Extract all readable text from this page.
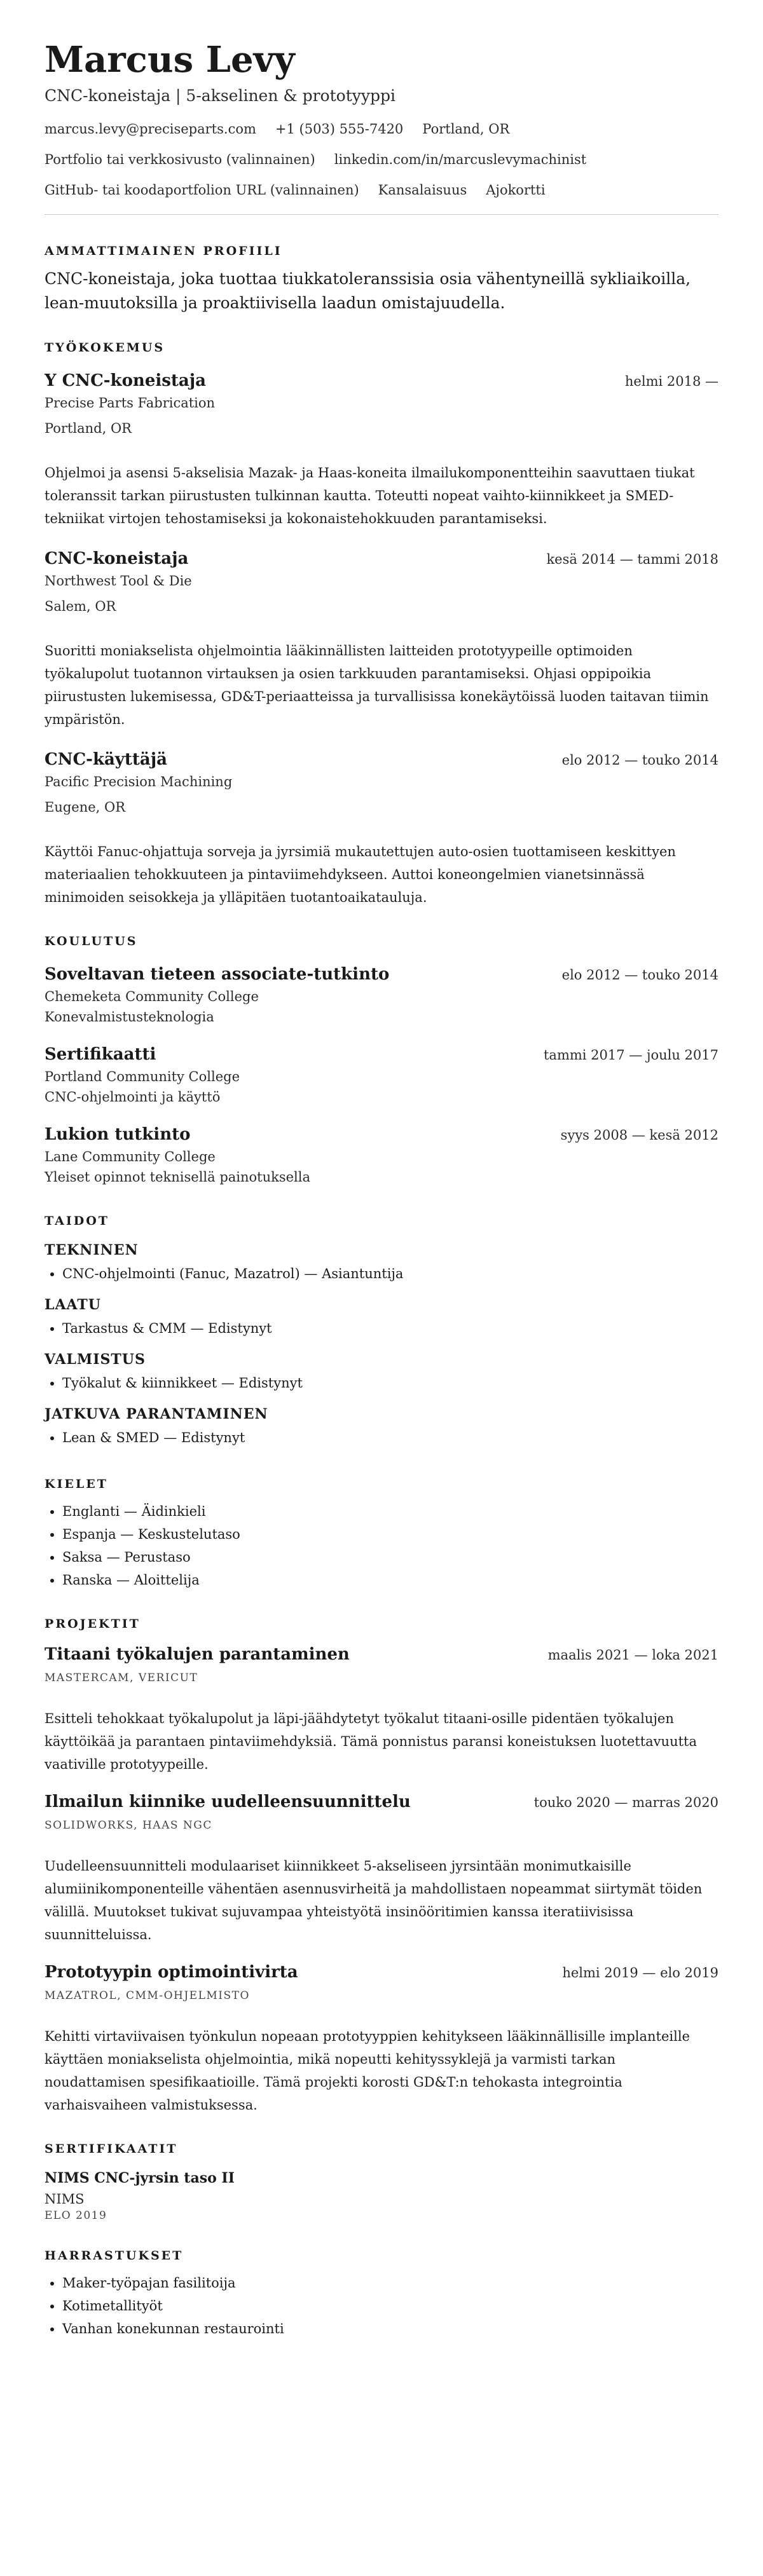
Marcus Levy
CNC-koneistaja | 5-akselinen & prototyyppi
marcus.levy@preciseparts.com +1 (503) 555-7420 Portland, OR
Portfolio tai verkkosivusto (valinnainen) linkedin.com/in/marcuslevymachinist
GitHub- tai koodaportfolion URL (valinnainen) Kansalaisuus Ajokortti
AMMATTIMAINEN PROFIILI

CNC-koneistaja, joka tuottaa tiukkatoleranssisia osia vähentyneillä sykliaikoilla, lean-muutoksilla ja proaktiivisella laadun omistajuudella.

TYÖKOKEMUS
Y CNC-koneistaja	helmi 2018 —
Precise Parts Fabrication
Portland, OR

Ohjelmoi ja asensi 5-akselisia Mazak- ja Haas-koneita ilmailukomponentteihin saavuttaen tiukat toleranssit tarkan piirustusten tulkinnan kautta. Toteutti nopeat vaihto-kiinnikkeet ja SMED-tekniikat virtojen tehostamiseksi ja kokonaistehokkuuden parantamiseksi.

CNC-koneistaja	kesä 2014 — tammi 2018
Northwest Tool & Die
Salem, OR

Suoritti moniakselista ohjelmointia lääkinnällisten laitteiden prototyypeille optimoiden työkalupolut tuotannon virtauksen ja osien tarkkuuden parantamiseksi. Ohjasi oppipoikia piirustusten lukemisessa, GD&T-periaatteissa ja turvallisissa konekäytöissä luoden taitavan tiimin ympäristön.

CNC-käyttäjä	elo 2012 — touko 2014
Pacific Precision Machining
Eugene, OR

Käyttöi Fanuc-ohjattuja sorveja ja jyrsimiä mukautettujen auto-osien tuottamiseen keskittyen materiaalien tehokkuuteen ja pintaviimehdykseen. Auttoi koneongelmien vianetsinnässä minimoiden seisokkeja ja ylläpitäen tuotantoaikatauluja.

KOULUTUS
Soveltavan tieteen associate-tutkinto	elo 2012 — touko 2014
Chemeketa Community College
Konevalmistusteknologia
Sertifikaatti	tammi 2017 — joulu 2017
Portland Community College
CNC-ohjelmointi ja käyttö
Lukion tutkinto	syys 2008 — kesä 2012
Lane Community College
Yleiset opinnot teknisellä painotuksella
TAIDOT
TEKNINEN
• CNC-ohjelmointi (Fanuc, Mazatrol) — Asiantuntija
LAATU
• Tarkastus & CMM — Edistynyt
VALMISTUS
• Työkalut & kiinnikkeet — Edistynyt
JATKUVA PARANTAMINEN
• Lean & SMED — Edistynyt
KIELET
• Englanti — Äidinkieli
• Espanja — Keskustelutaso
• Saksa — Perustaso
• Ranska — Aloittelija
PROJEKTIT
Titaani työkalujen parantaminen	maalis 2021 — loka 2021
MASTERCAM, VERICUT

Esitteli tehokkaat työkalupolut ja läpi-jäähdytetyt työkalut titaani-osille pidentäen työkalujen käyttöikää ja parantaen pintaviimehdyksiä. Tämä ponnistus paransi koneistuksen luotettavuutta vaativille prototyypeille.

Ilmailun kiinnike uudelleensuunnittelu	touko 2020 — marras 2020
SOLIDWORKS, HAAS NGC

Uudelleensuunnitteli modulaariset kiinnikkeet 5-akseliseen jyrsintään monimutkaisille alumiinikomponenteille vähentäen asennusvirheitä ja mahdollistaen nopeammat siirtymät töiden välillä. Muutokset tukivat sujuvampaa yhteistyötä insinööritimien kanssa iteratiivisissa suunnitteluissa.

Prototyypin optimointivirta	helmi 2019 — elo 2019
MAZATROL, CMM-OHJELMISTO

Kehitti virtaviivaisen työnkulun nopeaan prototyyppien kehitykseen lääkinnällisille implanteille käyttäen moniakselista ohjelmointia, mikä nopeutti kehityssyklejä ja varmisti tarkan noudattamisen spesifikaatioille. Tämä projekti korosti GD&T:n tehokasta integrointia varhaisvaiheen valmistuksessa.

SERTIFIKAATIT
NIMS CNC-jyrsin taso II
NIMS
ELO 2019
HARRASTUKSET
• Maker-työpajan fasilitoija
• Kotimetallityöt
• Vanhan konekunnan restaurointi
